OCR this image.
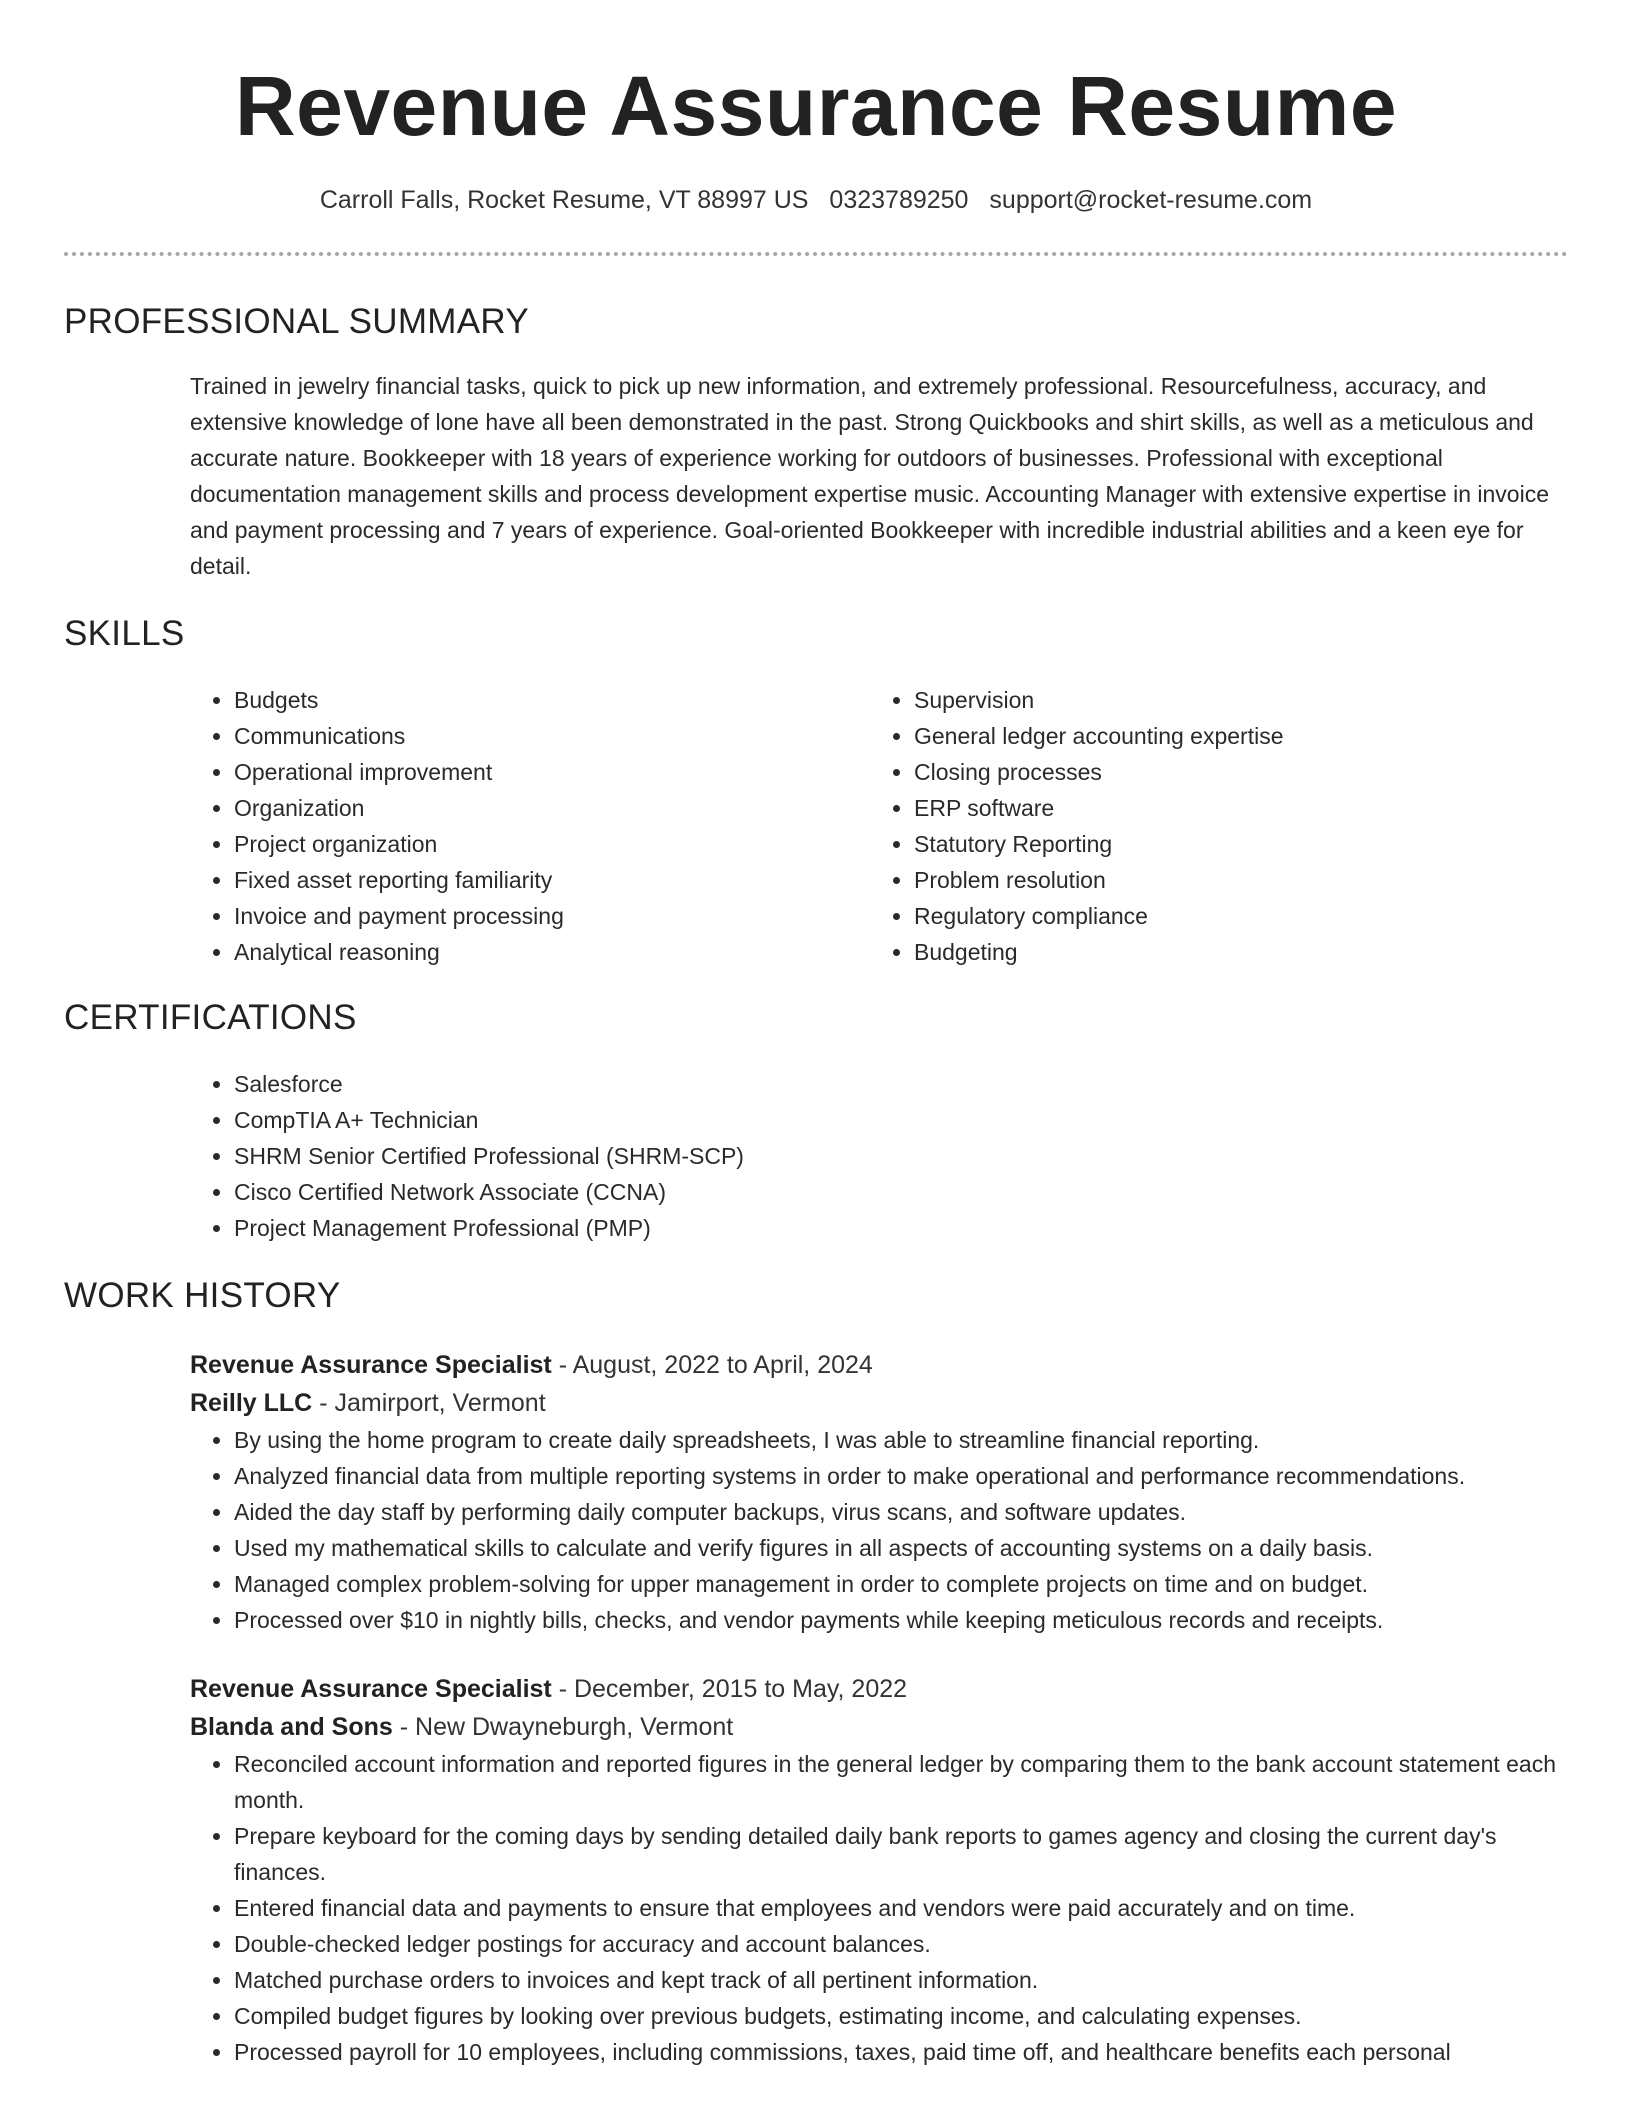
Revenue Assurance Resume
Carroll Falls, Rocket Resume, VT 88997 US 0323789250 support@rocket-resume.com
PROFESSIONAL SUMMARY

Trained in jewelry financial tasks, quick to pick up new information, and extremely professional. Resourcefulness, accuracy, and extensive knowledge of lone have all been demonstrated in the past. Strong Quickbooks and shirt skills, as well as a meticulous and accurate nature. Bookkeeper with 18 years of experience working for outdoors of businesses. Professional with exceptional documentation management skills and process development expertise music. Accounting Manager with extensive expertise in invoice and payment processing and 7 years of experience. Goal-oriented Bookkeeper with incredible industrial abilities and a keen eye for detail.

SKILLS
• Budgets
• Communications
• Operational improvement
• Organization
• Project organization
• Fixed asset reporting familiarity
• Invoice and payment processing
• Analytical reasoning
• Supervision
• General ledger accounting expertise
• Closing processes
• ERP software
• Statutory Reporting
• Problem resolution
• Regulatory compliance
• Budgeting
CERTIFICATIONS
• Salesforce
• CompTIA A+ Technician
• SHRM Senior Certified Professional (SHRM-SCP)
• Cisco Certified Network Associate (CCNA)
• Project Management Professional (PMP)
WORK HISTORY
Revenue Assurance Specialist - August, 2022 to April, 2024
Reilly LLC - Jamirport, Vermont
• By using the home program to create daily spreadsheets, I was able to streamline financial reporting.
• Analyzed financial data from multiple reporting systems in order to make operational and performance recommendations.
• Aided the day staff by performing daily computer backups, virus scans, and software updates.
• Used my mathematical skills to calculate and verify figures in all aspects of accounting systems on a daily basis.
• Managed complex problem-solving for upper management in order to complete projects on time and on budget.
• Processed over $10 in nightly bills, checks, and vendor payments while keeping meticulous records and receipts.
Revenue Assurance Specialist - December, 2015 to May, 2022
Blanda and Sons - New Dwayneburgh, Vermont
• Reconciled account information and reported figures in the general ledger by comparing them to the bank account statement each month.
• Prepare keyboard for the coming days by sending detailed daily bank reports to games agency and closing the current day's finances.
• Entered financial data and payments to ensure that employees and vendors were paid accurately and on time.
• Double-checked ledger postings for accuracy and account balances.
• Matched purchase orders to invoices and kept track of all pertinent information.
• Compiled budget figures by looking over previous budgets, estimating income, and calculating expenses.
• Processed payroll for 10 employees, including commissions, taxes, paid time off, and healthcare benefits each personal
